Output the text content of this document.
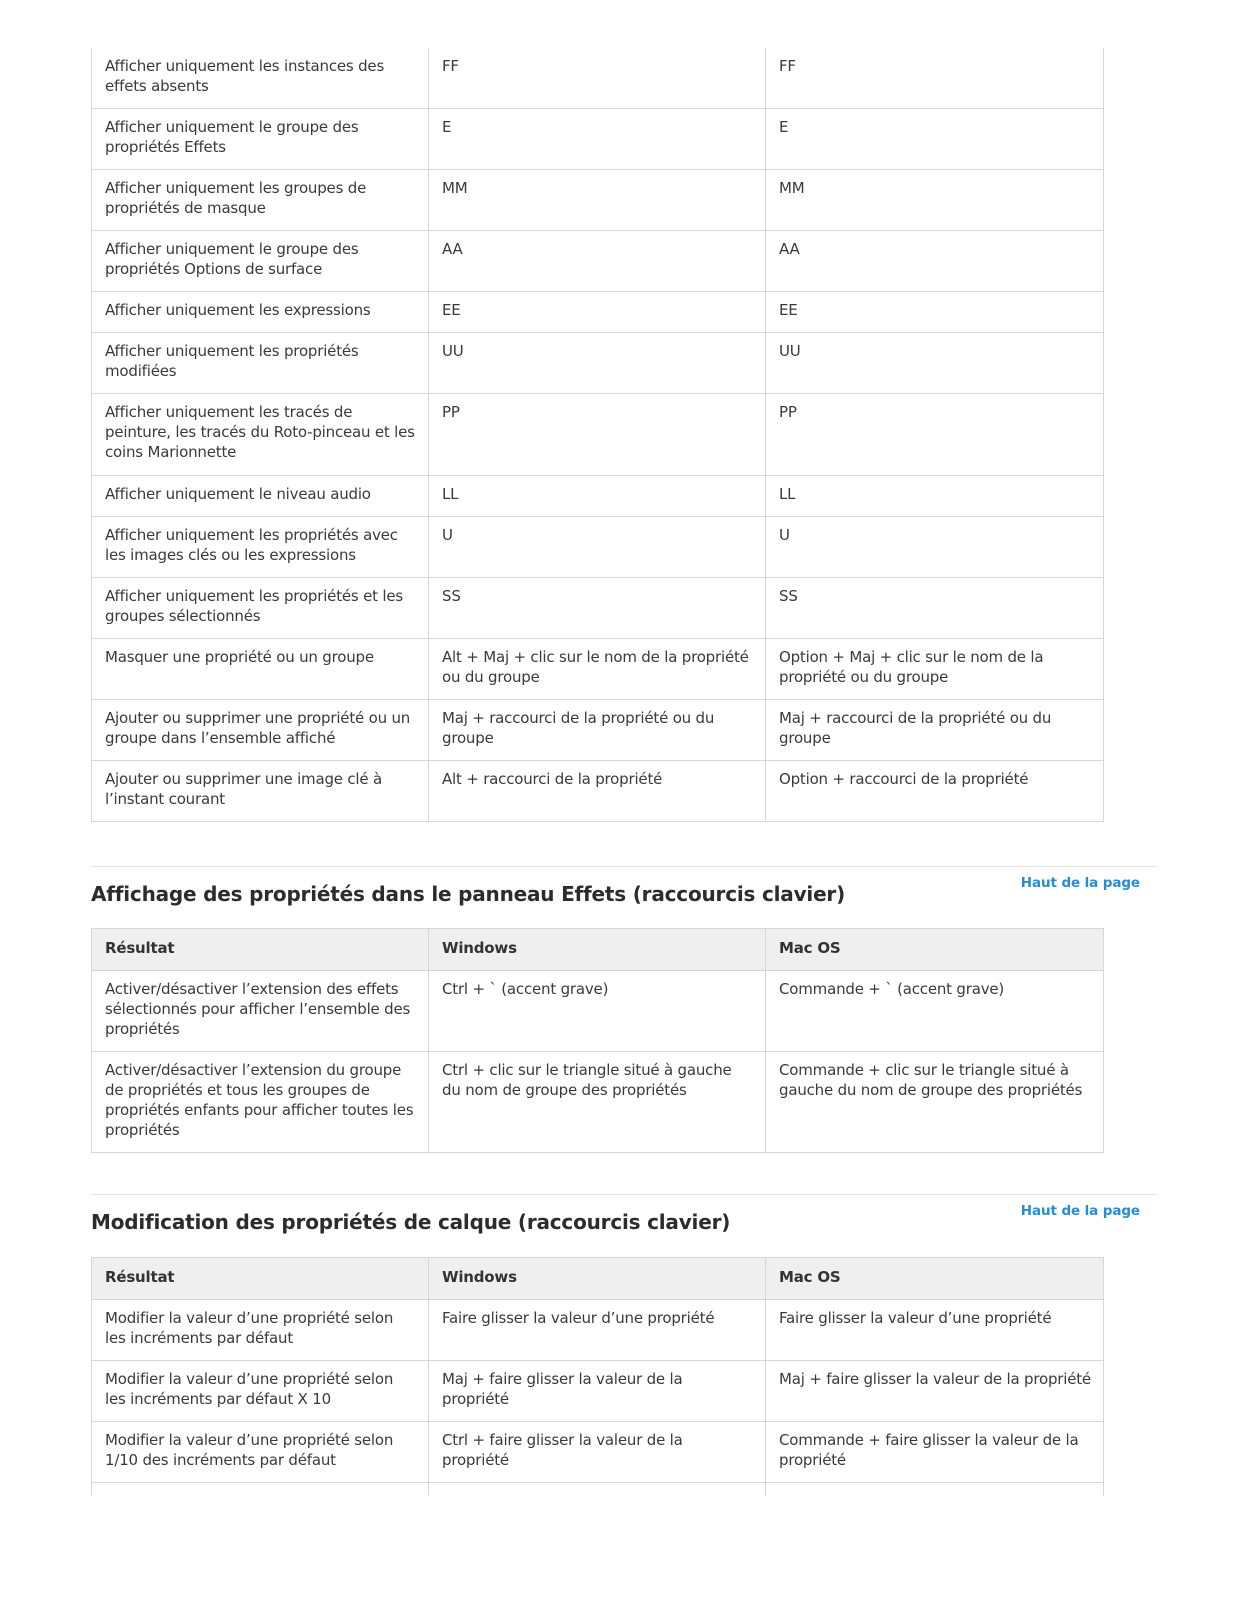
Afficher uniquement les instances des effets absents	FF	FF
Afficher uniquement le groupe des propriétés Effets	E	E
Afficher uniquement les groupes de propriétés de masque	MM	MM
Afficher uniquement le groupe des propriétés Options de surface	AA	AA
Afficher uniquement les expressions	EE	EE
Afficher uniquement les propriétés modifiées	UU	UU
Afficher uniquement les tracés de peinture, les tracés du Roto-pinceau et les coins Marionnette	PP	PP
Afficher uniquement le niveau audio	LL	LL
Afficher uniquement les propriétés avec les images clés ou les expressions	U	U
Afficher uniquement les propriétés et les groupes sélectionnés	SS	SS
Masquer une propriété ou un groupe	Alt + Maj + clic sur le nom de la propriété ou du groupe	Option + Maj + clic sur le nom de la propriété ou du groupe
Ajouter ou supprimer une propriété ou un groupe dans l’ensemble affiché	Maj + raccourci de la propriété ou du groupe	Maj + raccourci de la propriété ou du groupe
Ajouter ou supprimer une image clé à l’instant courant	Alt + raccourci de la propriété	Option + raccourci de la propriété
Affichage des propriétés dans le panneau Effets (raccourcis clavier)	Haut de la page
Résultat	Windows	Mac OS
Activer/désactiver l’extension des effets sélectionnés pour afficher l’ensemble des propriétés	Ctrl + ` (accent grave)	Commande + ` (accent grave)
Activer/désactiver l’extension du groupe de propriétés et tous les groupes de propriétés enfants pour afficher toutes les propriétés	Ctrl + clic sur le triangle situé à gauche du nom de groupe des propriétés	Commande + clic sur le triangle situé à gauche du nom de groupe des propriétés
Modification des propriétés de calque (raccourcis clavier)	Haut de la page
Résultat	Windows	Mac OS
Modifier la valeur d’une propriété selon les incréments par défaut	Faire glisser la valeur d’une propriété	Faire glisser la valeur d’une propriété
Modifier la valeur d’une propriété selon les incréments par défaut X 10	Maj + faire glisser la valeur de la propriété	Maj + faire glisser la valeur de la propriété
Modifier la valeur d’une propriété selon 1/10 des incréments par défaut	Ctrl + faire glisser la valeur de la propriété	Commande + faire glisser la valeur de la propriété
